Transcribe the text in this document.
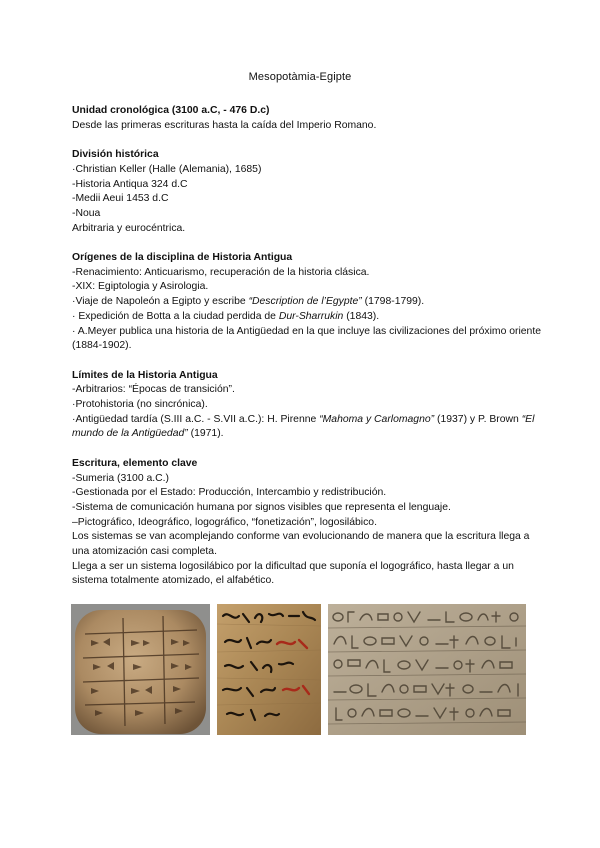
Mesopotàmia-Egipte
Unidad cronológica (3100 a.C, - 476 D.c)
Desde las primeras escrituras hasta la caída del Imperio Romano.
División histórica
·Christian Keller (Halle (Alemania), 1685)
-Historia Antiqua 324 d.C
-Medii Aeui 1453 d.C
-Noua
Arbitraria y eurocéntrica.
Orígenes de la disciplina de Historia Antigua
-Renacimiento: Anticuarismo, recuperación de la historia clásica.
-XIX: Egiptologia y Asirologia.
·Viaje de Napoleón a Egipto y escribe “Description de l’Egypte” (1798-1799).
· Expedición de Botta a la ciudad perdida de Dur-Sharrukin (1843).
· A.Meyer publica una historia de la Antigüedad en la que incluye las civilizaciones del próximo oriente (1884-1902).
Límites de la Historia Antigua
-Arbitrarios: “Épocas de transición”.
·Protohistoria (no sincrónica).
·Antigüedad tardía (S.III a.C. - S.VII a.C.): H. Pirenne “Mahoma y Carlomagno” (1937) y P. Brown “El mundo de la Antigüedad” (1971).
Escritura, elemento clave
-Sumeria (3100 a.C.)
-Gestionada por el Estado: Producción, Intercambio y redistribución.
-Sistema de comunicación humana por signos visibles que representa el lenguaje.
–Pictográfico, Ideográfico, logográfico, “fonetización”, logosilábico.
Los sistemas se van acomplejando conforme van evolucionando de manera que la escritura llega a una atomización casi completa.
Llega a ser un sistema logosilábico por la dificultad que suponía el logográfico, hasta llegar a un sistema totalmente atomizado, el alfabético.
